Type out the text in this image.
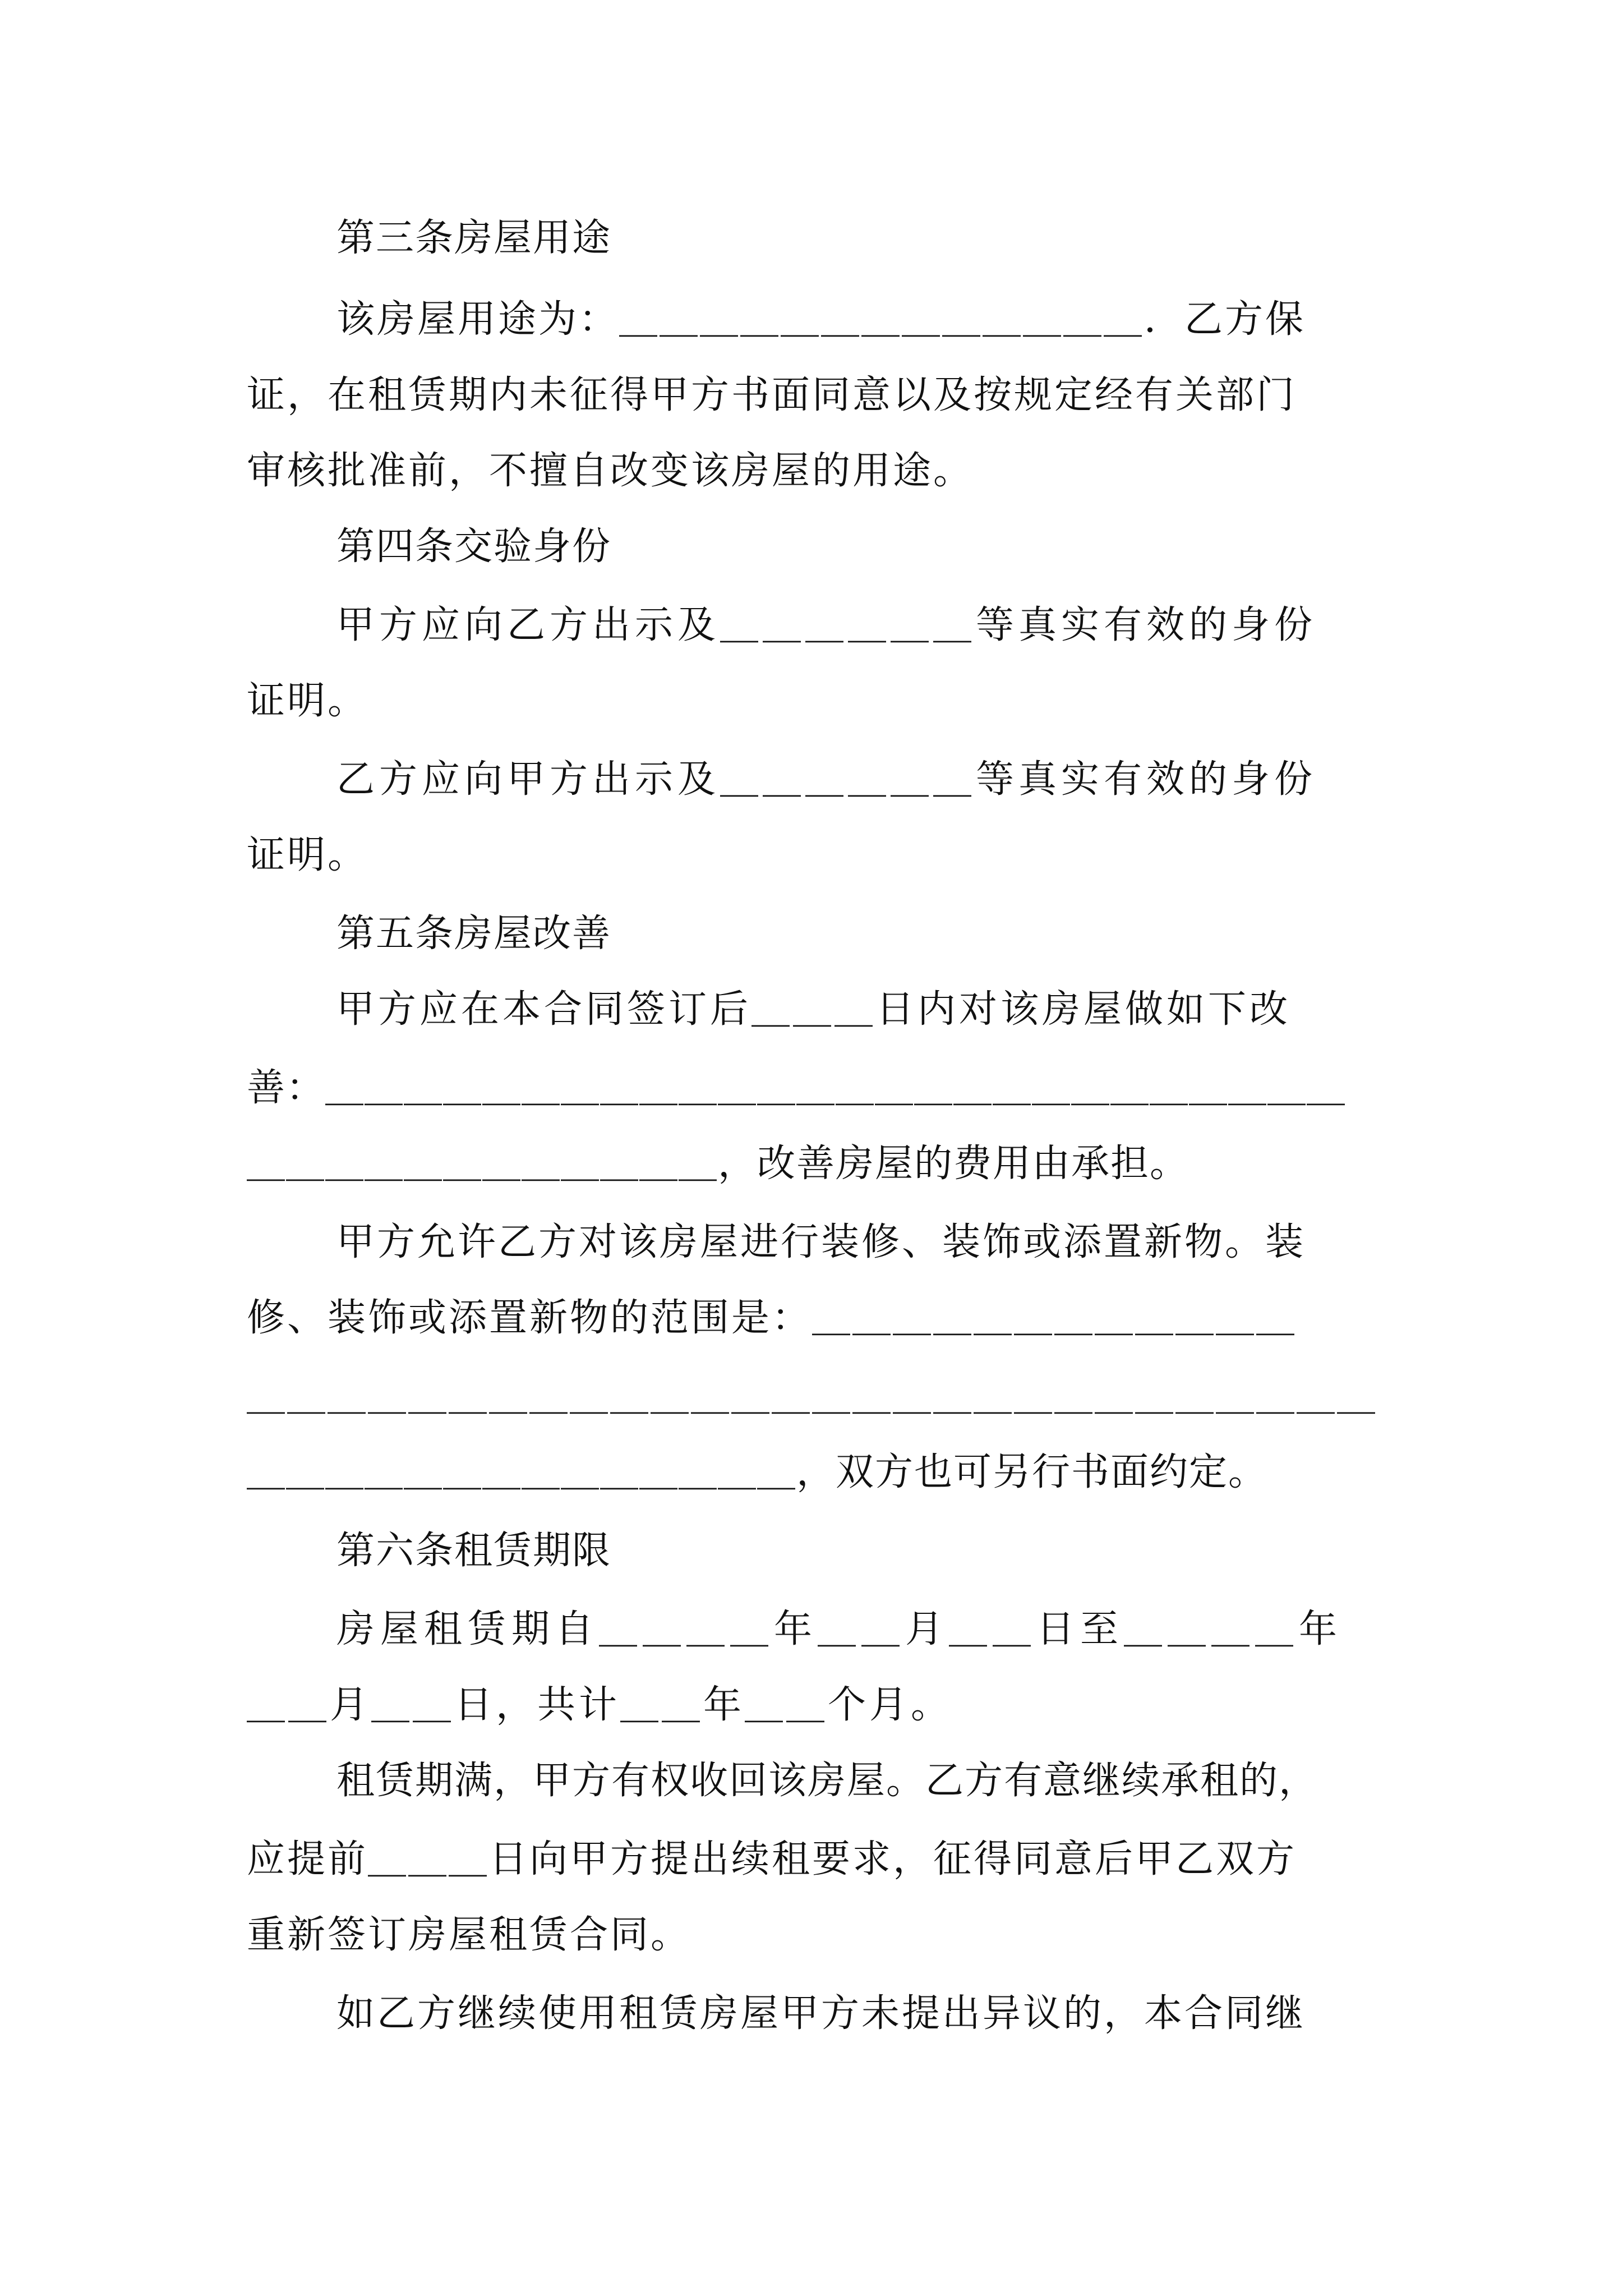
第三条房屋用途
该房屋用途为：＿＿＿＿＿＿＿＿＿＿＿＿＿．乙方保
证，在租赁期内未征得甲方书面同意以及按规定经有关部门
审核批准前，不擅自改变该房屋的用途。
第四条交验身份
甲方应向乙方出示及＿＿＿＿＿＿等真实有效的身份
证明。
乙方应向甲方出示及＿＿＿＿＿＿等真实有效的身份
证明。
第五条房屋改善
甲方应在本合同签订后＿＿＿日内对该房屋做如下改
善：＿＿＿＿＿＿＿＿＿＿＿＿＿＿＿＿＿＿＿＿＿＿＿＿＿＿
＿＿＿＿＿＿＿＿＿＿＿＿，改善房屋的费用由承担。
甲方允许乙方对该房屋进行装修、装饰或添置新物。装
修、装饰或添置新物的范围是：＿＿＿＿＿＿＿＿＿＿＿＿
＿＿＿＿＿＿＿＿＿＿＿＿＿＿＿＿＿＿＿＿＿＿＿＿＿＿＿＿
＿＿＿＿＿＿＿＿＿＿＿＿＿＿，双方也可另行书面约定。
第六条租赁期限
房屋租赁期自＿＿＿＿年＿＿月＿＿日至＿＿＿＿年
＿＿月＿＿日，共计＿＿年＿＿个月。
租赁期满，甲方有权收回该房屋。乙方有意继续承租的，
应提前＿＿＿日向甲方提出续租要求，征得同意后甲乙双方
重新签订房屋租赁合同。
如乙方继续使用租赁房屋甲方未提出异议的，本合同继
